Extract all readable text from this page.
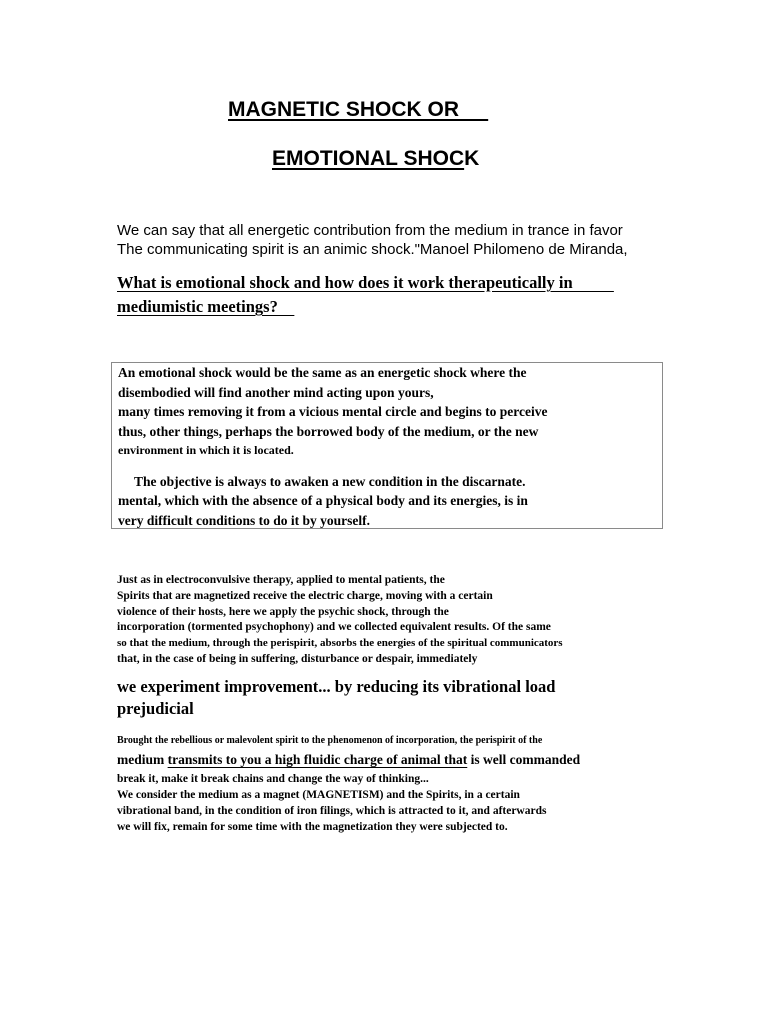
MAGNETIC SHOCK OR
EMOTIONAL SHOCK
We can say that all energetic contribution from the medium in trance in favor
The communicating spirit is an animic shock."Manoel Philomeno de Miranda,
What is emotional shock and how does it work therapeutically in
mediumistic meetings?
An emotional shock would be the same as an energetic shock where the
disembodied will find another mind acting upon yours,
many times removing it from a vicious mental circle and begins to perceive
thus, other things, perhaps the borrowed body of the medium, or the new
environment in which it is located.
The objective is always to awaken a new condition in the discarnate.
mental, which with the absence of a physical body and its energies, is in
very difficult conditions to do it by yourself.
Just as in electroconvulsive therapy, applied to mental patients, the
Spirits that are magnetized receive the electric charge, moving with a certain
violence of their hosts, here we apply the psychic shock, through the
incorporation (tormented psychophony) and we collected equivalent results. Of the same
so that the medium, through the perispirit, absorbs the energies of the spiritual communicators
that, in the case of being in suffering, disturbance or despair, immediately
we experiment improvement... by reducing its vibrational load
prejudicial
Brought the rebellious or malevolent spirit to the phenomenon of incorporation, the perispirit of the
medium transmits to you a high fluidic charge of animal that is well commanded
break it, make it break chains and change the way of thinking...
We consider the medium as a magnet (MAGNETISM) and the Spirits, in a certain
vibrational band, in the condition of iron filings, which is attracted to it, and afterwards
we will fix, remain for some time with the magnetization they were subjected to.
